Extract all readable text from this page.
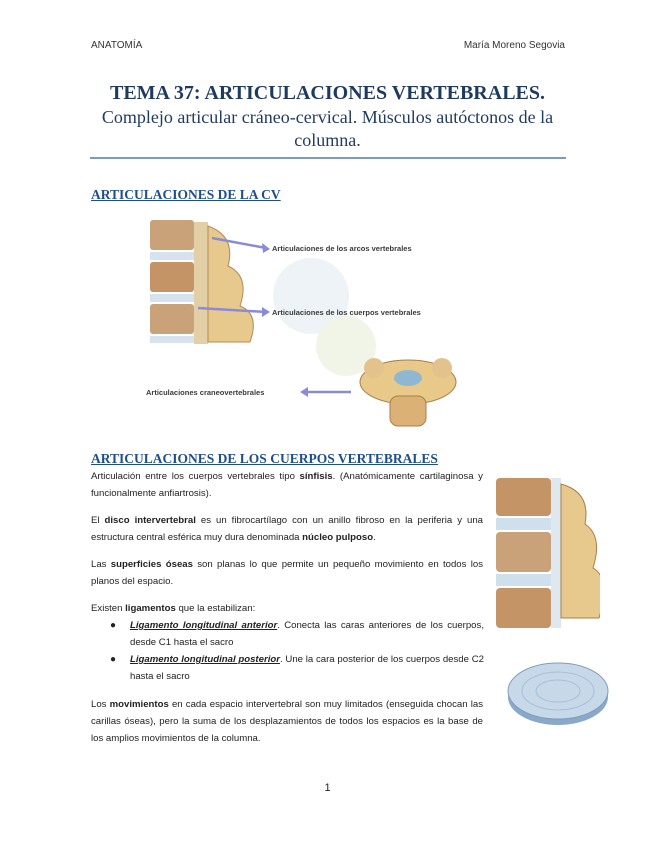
ANATOMÍA	María Moreno Segovia
TEMA 37: ARTICULACIONES VERTEBRALES.
Complejo articular cráneo-cervical. Músculos autóctonos de la columna.
ARTICULACIONES DE LA CV
Articulaciones de los arcos vertebrales
Articulaciones de los cuerpos vertebrales
Articulaciones craneovertebrales
ARTICULACIONES DE LOS CUERPOS VERTEBRALES
Articulación entre los cuerpos vertebrales tipo sínfisis. (Anatómicamente cartilaginosa y funcionalmente anfiartrosis).
El disco intervertebral es un fibrocartílago con un anillo fibroso en la periferia y una estructura central esférica muy dura denominada núcleo pulposo.
Las superficies óseas son planas lo que permite un pequeño movimiento en todos los planos del espacio.
Existen ligamentos que la estabilizan:
● Ligamento longitudinal anterior. Conecta las caras anteriores de los cuerpos, desde C1 hasta el sacro
● Ligamento longitudinal posterior. Une la cara posterior de los cuerpos desde C2 hasta el sacro
Los movimientos en cada espacio intervertebral son muy limitados (enseguida chocan las carillas óseas), pero la suma de los desplazamientos de todos los espacios es la base de los amplios movimientos de la columna.
1
